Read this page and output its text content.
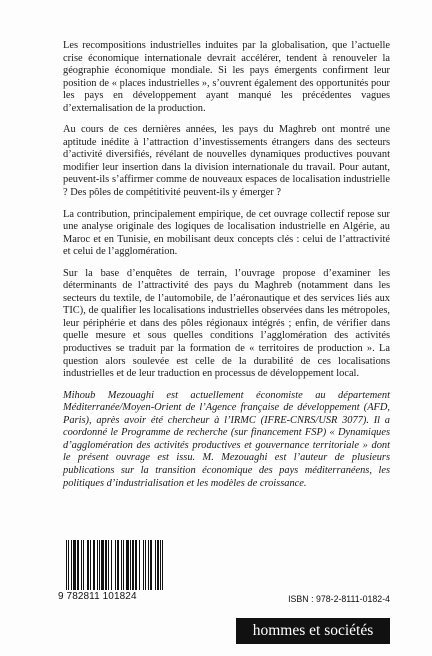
Les recompositions industrielles induites par la globalisation, que l’actuelle crise économique internationale devrait accélérer, tendent à renouveler la géographie économique mondiale. Si les pays émergents confirment leur position de « places industrielles », s’ouvrent également des opportunités pour les pays en développement ayant manqué les précédentes vagues d’externalisation de la production.

Au cours de ces dernières années, les pays du Maghreb ont montré une aptitude inédite à l’attraction d’investissements étrangers dans des secteurs d’activité diversifiés, révélant de nouvelles dynamiques productives pouvant modifier leur insertion dans la division internationale du travail. Pour autant, peuvent-ils s’affirmer comme de nouveaux espaces de localisation industrielle ? Des pôles de compétitivité peuvent-ils y émerger ?

La contribution, principalement empirique, de cet ouvrage collectif repose sur une analyse originale des logiques de localisation industrielle en Algérie, au Maroc et en Tunisie, en mobilisant deux concepts clés : celui de l’attractivité et celui de l’agglomération.

Sur la base d’enquêtes de terrain, l’ouvrage propose d’examiner les déterminants de l’attractivité des pays du Maghreb (notamment dans les secteurs du textile, de l’automobile, de l’aéronautique et des services liés aux TIC), de qualifier les localisations industrielles observées dans les métropoles, leur périphérie et dans des pôles régionaux intégrés ; enfin, de vérifier dans quelle mesure et sous quelles conditions l’agglomération des activités productives se traduit par la formation de « territoires de production ». La question alors soulevée est celle de la durabilité de ces localisations industrielles et de leur traduction en processus de développement local.

Mihoub Mezouaghi est actuellement économiste au département Méditerranée/Moyen-Orient de l’Agence française de développement (AFD, Paris), après avoir été chercheur à l’IRMC (IFRE-CNRS/USR 3077). Il a coordonné le Programme de recherche (sur financement FSP) « Dynamiques d’agglomération des activités productives et gouvernance territoriale » dont le présent ouvrage est issu. M. Mezouaghi est l’auteur de plusieurs publications sur la transition économique des pays méditerranéens, les politiques d’industrialisation et les modèles de croissance.

9 782811 101824	ISBN : 978-2-8111-0182-4
hommes et sociétés
